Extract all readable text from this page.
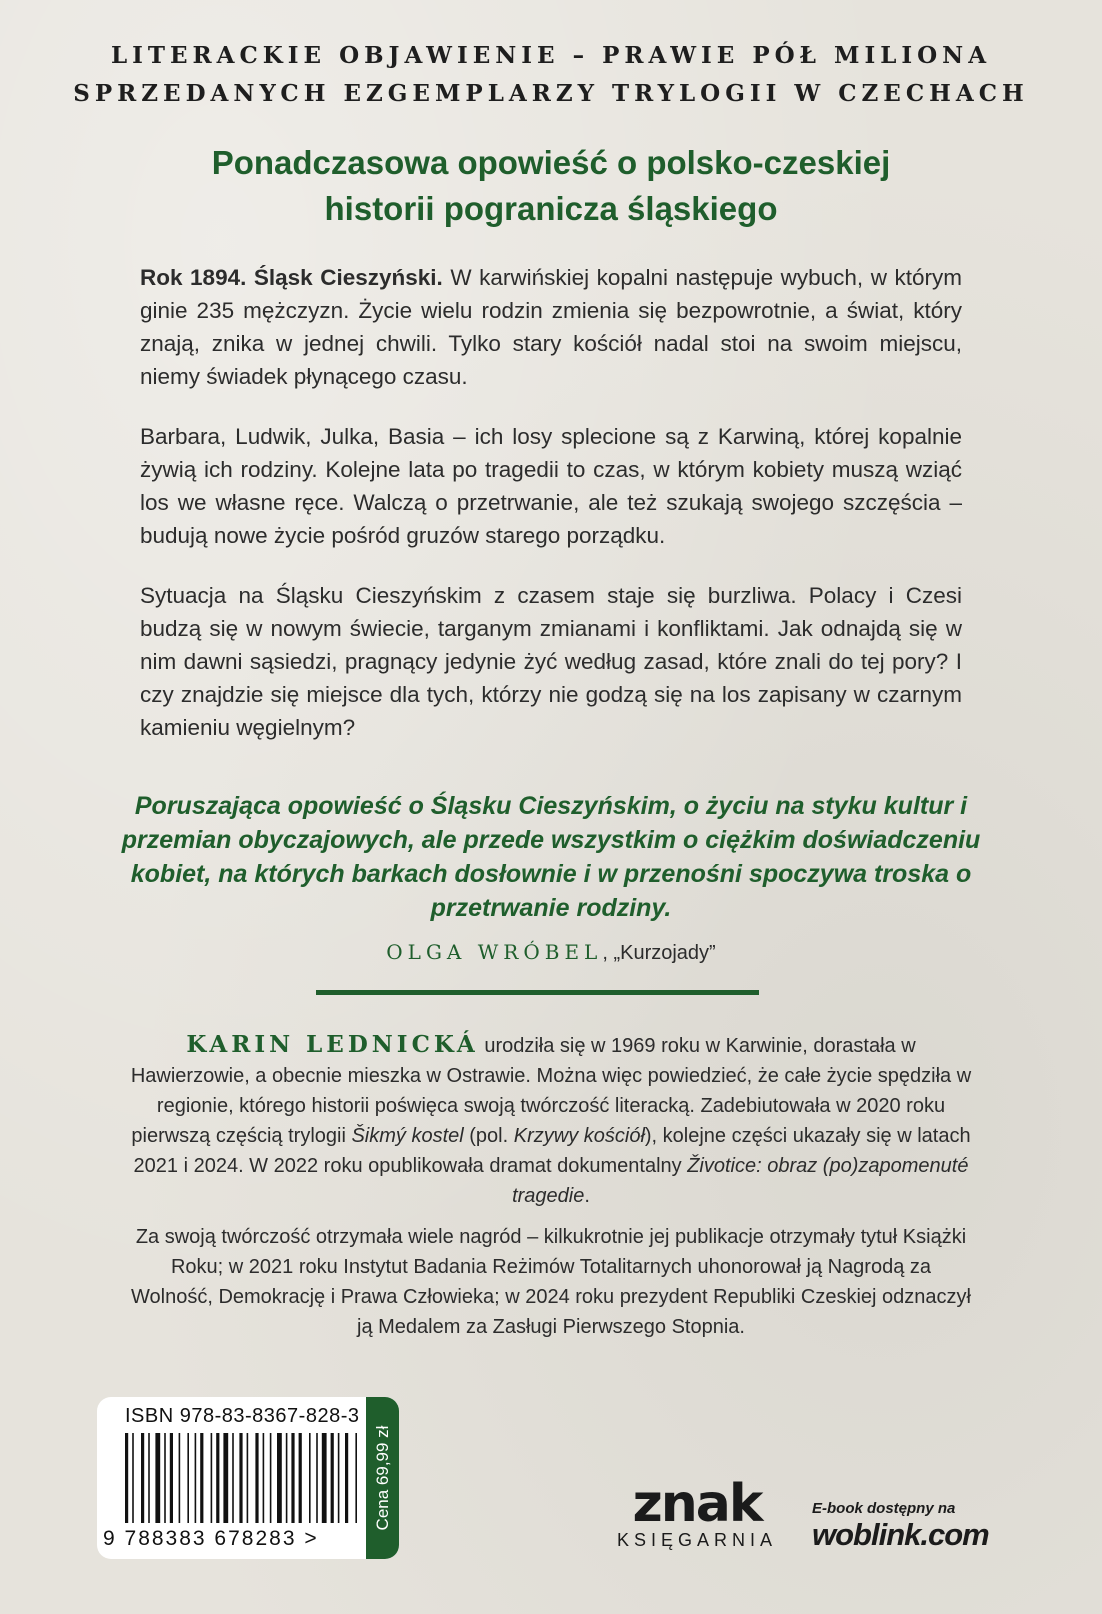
LITERACKIE OBJAWIENIE – PRAWIE PÓŁ MILIONA
SPRZEDANYCH EZGEMPLARZY TRYLOGII W CZECHACH
Ponadczasowa opowieść o polsko-czeskiej
historii pogranicza śląskiego
Rok 1894. Śląsk Cieszyński. W karwińskiej kopalni następuje wybuch, w którym ginie 235 mężczyzn. Życie wielu rodzin zmienia się bezpowrotnie, a świat, który znają, znika w jednej chwili. Tylko stary kościół nadal stoi na swoim miejscu, niemy świadek płynącego czasu.
Barbara, Ludwik, Julka, Basia – ich losy splecione są z Karwiną, której kopalnie żywią ich rodziny. Kolejne lata po tragedii to czas, w którym kobiety muszą wziąć los we własne ręce. Walczą o przetrwanie, ale też szukają swojego szczęścia – budują nowe życie pośród gruzów starego porządku.
Sytuacja na Śląsku Cieszyńskim z czasem staje się burzliwa. Polacy i Czesi budzą się w nowym świecie, targanym zmianami i konfliktami. Jak odnajdą się w nim dawni sąsiedzi, pragnący jedynie żyć według zasad, które znali do tej pory? I czy znajdzie się miejsce dla tych, którzy nie godzą się na los zapisany w czarnym kamieniu węgielnym?
Poruszająca opowieść o Śląsku Cieszyńskim, o życiu na styku kultur i przemian obyczajowych, ale przede wszystkim o ciężkim doświadczeniu kobiet, na których barkach dosłownie i w przenośni spoczywa troska o przetrwanie rodziny.
OLGA WRÓBEL, „Kurzojady”
KARIN LEDNICKÁ urodziła się w 1969 roku w Karwinie, dorastała w Hawierzowie, a obecnie mieszka w Ostrawie. Można więc powiedzieć, że całe życie spędziła w regionie, którego historii poświęca swoją twórczość literacką. Zadebiutowała w 2020 roku pierwszą częścią trylogii Šikmý kostel (pol. Krzywy kościół), kolejne części ukazały się w latach 2021 i 2024. W 2022 roku opublikowała dramat dokumentalny Životice: obraz (po)zapomenuté tragedie.
Za swoją twórczość otrzymała wiele nagród – kilkukrotnie jej publikacje otrzymały tytuł Książki Roku; w 2021 roku Instytut Badania Reżimów Totalitarnych uhonorował ją Nagrodą za Wolność, Demokrację i Prawa Człowieka; w 2024 roku prezydent Republiki Czeskiej odznaczył ją Medalem za Zasługi Pierwszego Stopnia.
ISBN 978-83-8367-828-3
9 788383 678283 >
Cena 69,99 zł	znak
KSIĘGARNIA
E-book dostępny na
woblink.com
